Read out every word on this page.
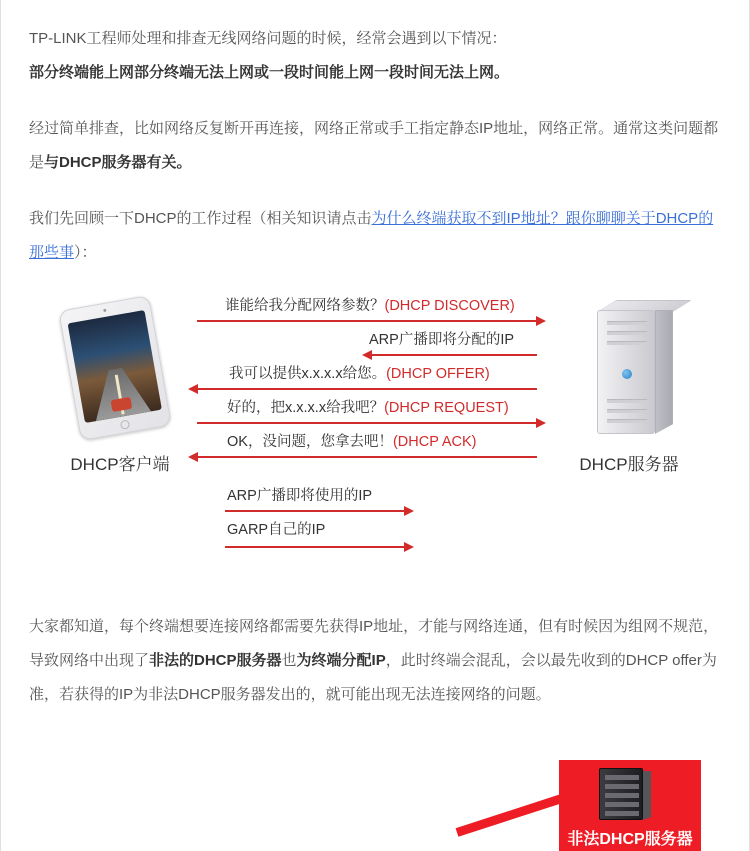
TP-LINK工程师处理和排查无线网络问题的时候，经常会遇到以下情况：

部分终端能上网部分终端无法上网或一段时间能上网一段时间无法上网。

经过简单排查，比如网络反复断开再连接，网络正常或手工指定静态IP地址，网络正常。通常这类问题都是与DHCP服务器有关。

我们先回顾一下DHCP的工作过程（相关知识请点击为什么终端获取不到IP地址？跟你聊聊关于DHCP的那些事）：

DHCP客户端	DHCP服务器
谁能给我分配网络参数？(DHCP DISCOVER)
ARP广播即将分配的IP
我可以提供x.x.x.x给您。(DHCP OFFER)
好的，把x.x.x.x给我吧？(DHCP REQUEST)
OK，没问题，您拿去吧！(DHCP ACK)
ARP广播即将使用的IP
GARP自己的IP

大家都知道，每个终端想要连接网络都需要先获得IP地址，才能与网络连通，但有时候因为组网不规范，导致网络中出现了非法的DHCP服务器也为终端分配IP，此时终端会混乱，会以最先收到的DHCP offer为准，若获得的IP为非法DHCP服务器发出的，就可能出现无法连接网络的问题。

非法DHCP服务器
